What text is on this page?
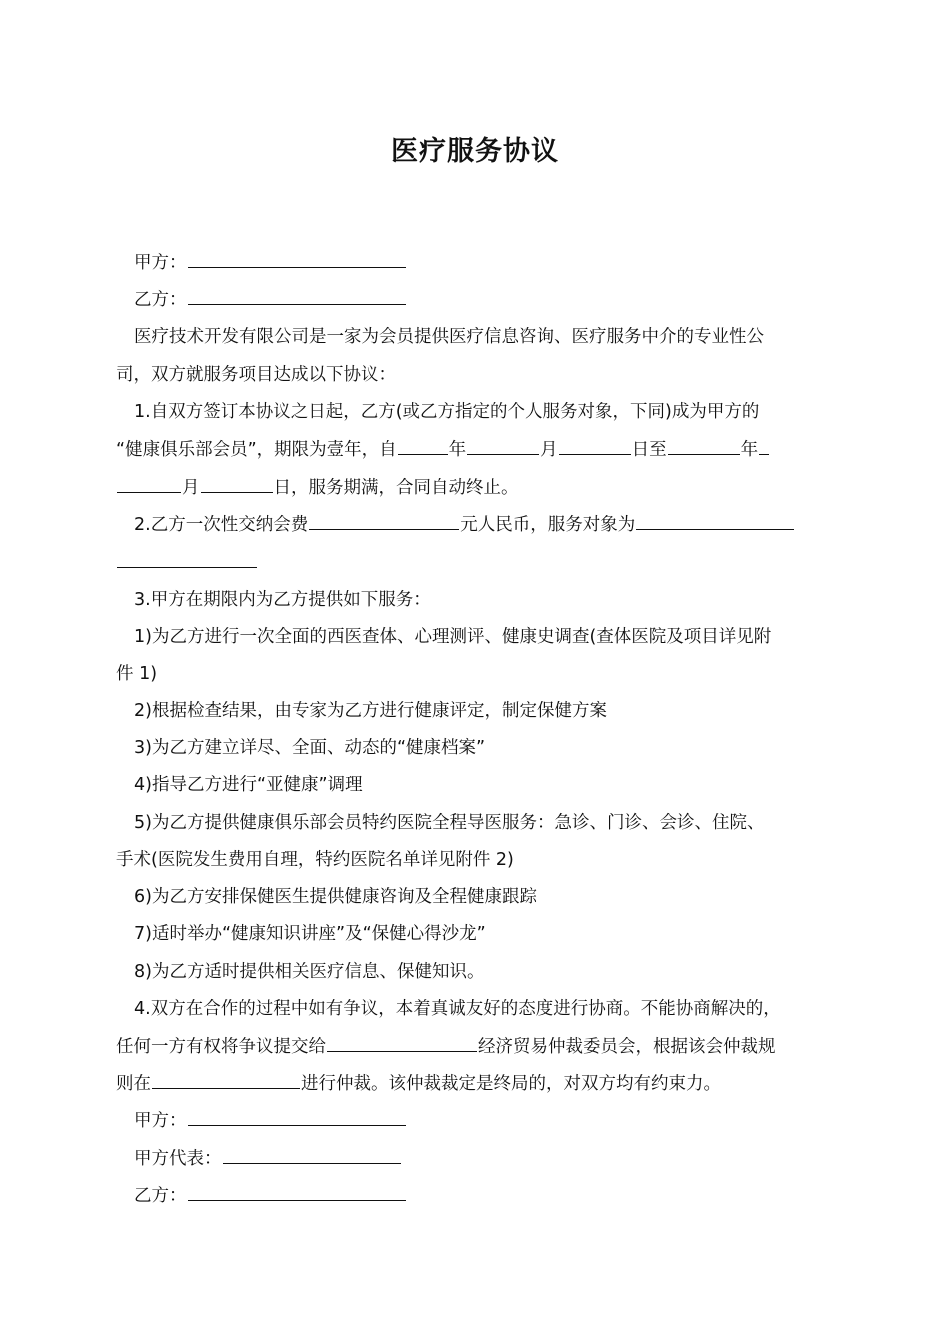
医疗服务协议
甲方：
乙方：
医疗技术开发有限公司是一家为会员提供医疗信息咨询、医疗服务中介的专业性公
司，双方就服务项目达成以下协议：
1.自双方签订本协议之日起，乙方(或乙方指定的个人服务对象，下同)成为甲方的
“健康俱乐部会员”，期限为壹年，自	年	月	日至	年
月	日，服务期满，合同自动终止。
2.乙方一次性交纳会费	元人民币，服务对象为
3.甲方在期限内为乙方提供如下服务：
1)为乙方进行一次全面的西医查体、心理测评、健康史调查(查体医院及项目详见附
件 1)
2)根据检查结果，由专家为乙方进行健康评定，制定保健方案
3)为乙方建立详尽、全面、动态的“健康档案”
4)指导乙方进行“亚健康”调理
5)为乙方提供健康俱乐部会员特约医院全程导医服务：急诊、门诊、会诊、住院、
手术(医院发生费用自理，特约医院名单详见附件 2)
6)为乙方安排保健医生提供健康咨询及全程健康跟踪
7)适时举办“健康知识讲座”及“保健心得沙龙”
8)为乙方适时提供相关医疗信息、保健知识。
4.双方在合作的过程中如有争议，本着真诚友好的态度进行协商。不能协商解决的，
任何一方有权将争议提交给	经济贸易仲裁委员会，根据该会仲裁规
则在	进行仲裁。该仲裁裁定是终局的，对双方均有约束力。
甲方：
甲方代表：
乙方：
